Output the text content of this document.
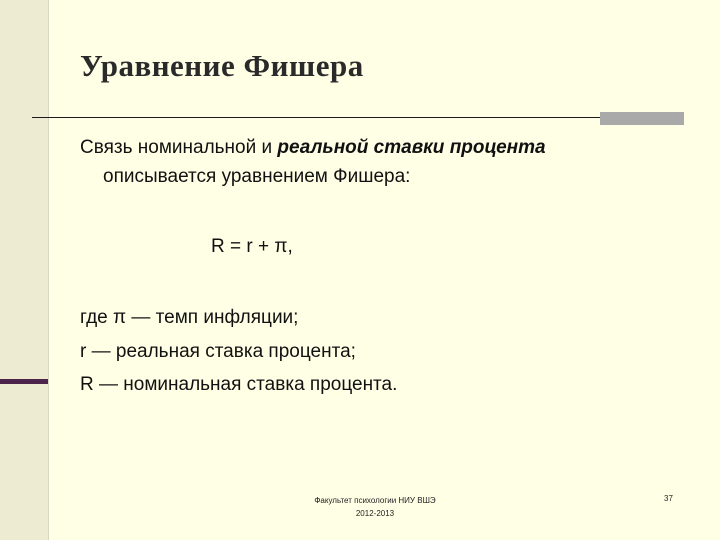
Уравнение Фишера
Связь номинальной и реальной ставки процента
описывается уравнением Фишера:
R = r + π,
где π — темп инфляции;
r — реальная ставка процента;
R — номинальная ставка процента.
Факультет психологии НИУ ВШЭ
2012-2013
37
